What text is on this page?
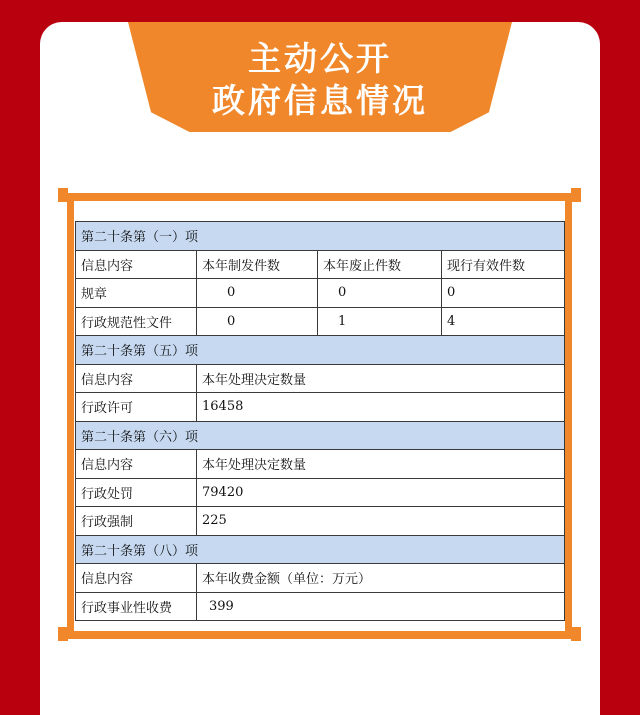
主动公开
政府信息情况
第二十条第（一）项			
信息内容	本年制发件数	本年废止件数	现行有效件数
规章	0	0	0
行政规范性文件	0	1	4
第二十条第（五）项			
信息内容	本年处理决定数量		
行政许可	16458		
第二十条第（六）项			
信息内容	本年处理决定数量		
行政处罚	79420		
行政强制	225		
第二十条第（八）项			
信息内容	本年收费金额（单位：万元）		
行政事业性收费	399		
